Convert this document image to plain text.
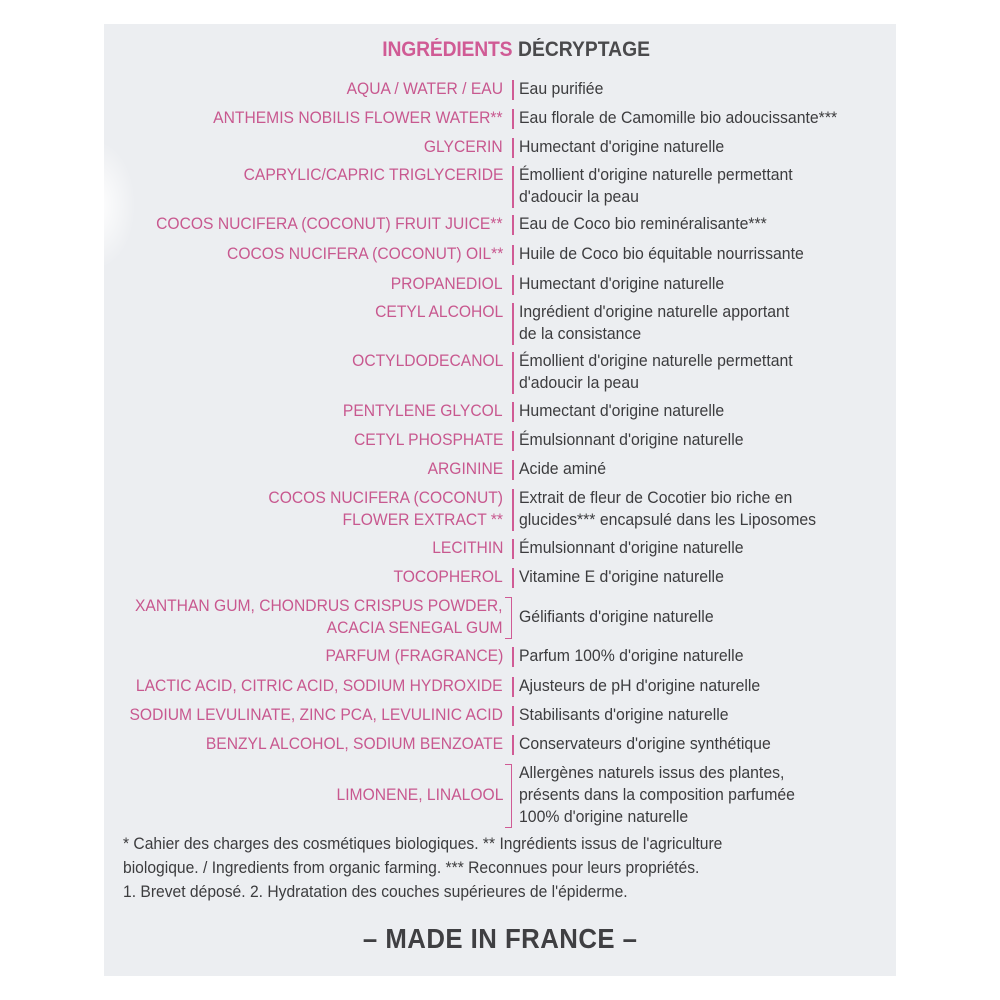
INGRÉDIENTS DÉCRYPTAGE
AQUA / WATER / EAU Eau purifiée
ANTHEMIS NOBILIS FLOWER WATER** Eau florale de Camomille bio adoucissante***
GLYCERIN Humectant d'origine naturelle
CAPRYLIC/CAPRIC TRIGLYCERIDE Émollient d'origine naturelle permettant
d'adoucir la peau
COCOS NUCIFERA (COCONUT) FRUIT JUICE** Eau de Coco bio reminéralisante***
COCOS NUCIFERA (COCONUT) OIL** Huile de Coco bio équitable nourrissante
PROPANEDIOL Humectant d'origine naturelle
CETYL ALCOHOL Ingrédient d'origine naturelle apportant
de la consistance
OCTYLDODECANOL Émollient d'origine naturelle permettant
d'adoucir la peau
PENTYLENE GLYCOL Humectant d'origine naturelle
CETYL PHOSPHATE Émulsionnant d'origine naturelle
ARGININE Acide aminé
COCOS NUCIFERA (COCONUT)
FLOWER EXTRACT **
Extrait de fleur de Cocotier bio riche en
glucides*** encapsulé dans les Liposomes
LECITHIN Émulsionnant d'origine naturelle
TOCOPHEROL Vitamine E d'origine naturelle
XANTHAN GUM, CHONDRUS CRISPUS POWDER,
ACACIA SENEGAL GUM
Gélifiants d'origine naturelle
PARFUM (FRAGRANCE) Parfum 100% d'origine naturelle
LACTIC ACID, CITRIC ACID, SODIUM HYDROXIDE Ajusteurs de pH d'origine naturelle
SODIUM LEVULINATE, ZINC PCA, LEVULINIC ACID Stabilisants d'origine naturelle
BENZYL ALCOHOL, SODIUM BENZOATE Conservateurs d'origine synthétique
LIMONENE, LINALOOL
Allergènes naturels issus des plantes,
présents dans la composition parfumée
100% d'origine naturelle
* Cahier des charges des cosmétiques biologiques. ** Ingrédients issus de l'agriculture
biologique. / Ingredients from organic farming. *** Reconnues pour leurs propriétés.
1. Brevet déposé. 2. Hydratation des couches supérieures de l'épiderme.
– MADE IN FRANCE –
